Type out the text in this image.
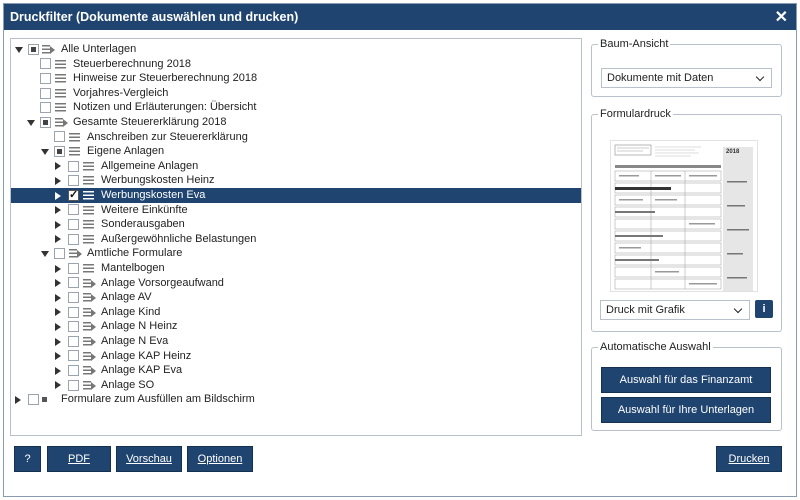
Druckfilter (Dokumente auswählen und drucken)	✕
Alle Unterlagen
Steuerberechnung 2018
Hinweise zur Steuerberechnung 2018
Vorjahres-Vergleich
Notizen und Erläuterungen: Übersicht
Gesamte Steuererklärung 2018
Anschreiben zur Steuererklärung
Eigene Anlagen
Allgemeine Anlagen
Werbungskosten Heinz
✓
Werbungskosten Eva
Weitere Einkünfte
Sonderausgaben
Außergewöhnliche Belastungen
Amtliche Formulare
Mantelbogen
Anlage Vorsorgeaufwand
Anlage AV
Anlage Kind
Anlage N Heinz
Anlage N Eva
Anlage KAP Heinz
Anlage KAP Eva
Anlage SO
Formulare zum Ausfüllen am Bildschirm
Baum-Ansicht
Dokumente mit Daten
Formulardruck
2018
Druck mit Grafik	i
Automatische Auswahl
Auswahl für das Finanzamt
Auswahl für Ihre Unterlagen
?	PDF	Vorschau Optionen	Drucken
